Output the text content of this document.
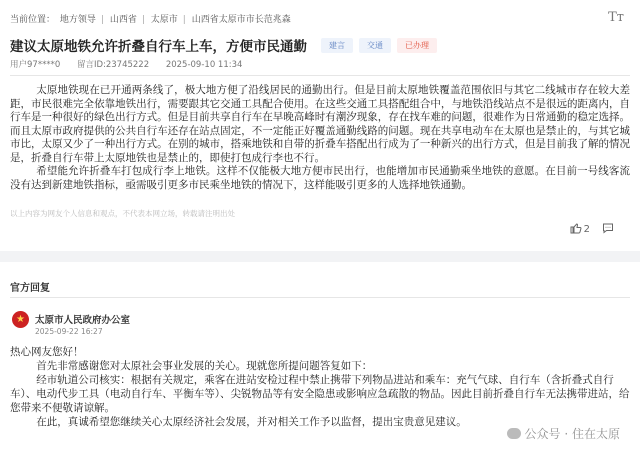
当前位置： 地方领导 | 山西省 | 太原市 | 山西省太原市市长范兆森	Tт
建议太原地铁允许折叠自行车上车，方便市民通勤	建言	交通	已办理
用户97****0 留言ID:23745222 2025-09-10 11:34

太原地铁现在已开通两条线了，极大地方便了沿线居民的通勤出行。但是目前太原地铁覆盖范围依旧与其它二线城市存在较大差距，市民很难完全依靠地铁出行，需要跟其它交通工具配合使用。在这些交通工具搭配组合中，与地铁沿线站点不是很远的距离内，自行车是一种很好的绿色出行方式。但是目前共享自行车在早晚高峰时有潮汐现象，存在找车难的问题，很难作为日常通勤的稳定选择。而且太原市政府提供的公共自行车还存在站点固定，不一定能正好覆盖通勤线路的问题。现在共享电动车在太原也是禁止的，与其它城市比，太原又少了一种出行方式。在别的城市，搭乘地铁和自带的折叠车搭配出行成为了一种新兴的出行方式，但是目前我了解的情况是，折叠自行车带上太原地铁也是禁止的，即使打包成行李也不行。

希望能允许折叠车打包成行李上地铁。这样不仅能极大地方便市民出行，也能增加市民通勤乘坐地铁的意愿。在目前一号线客流没有达到新建地铁指标，亟需吸引更多市民乘坐地铁的情况下，这样能吸引更多的人选择地铁通勤。

以上内容为网友个人信息和观点，不代表本网立场，转载请注明出处
2
官方回复
★	太原市人民政府办公室
2025-09-22 16:27

热心网友您好！

首先非常感谢您对太原社会事业发展的关心。现就您所提问题答复如下：

经市轨道公司核实：根据有关规定，乘客在进站安检过程中禁止携带下列物品进站和乘车：充气气球、自行车（含折叠式自行车）、电动代步工具（电动自行车、平衡车等）、尖锐物品等有安全隐患或影响应急疏散的物品。因此目前折叠自行车无法携带进站，给您带来不便敬请谅解。

在此，真诚希望您继续关心太原经济社会发展，并对相关工作予以监督，提出宝贵意见建议。

公众号 · 住在太原
